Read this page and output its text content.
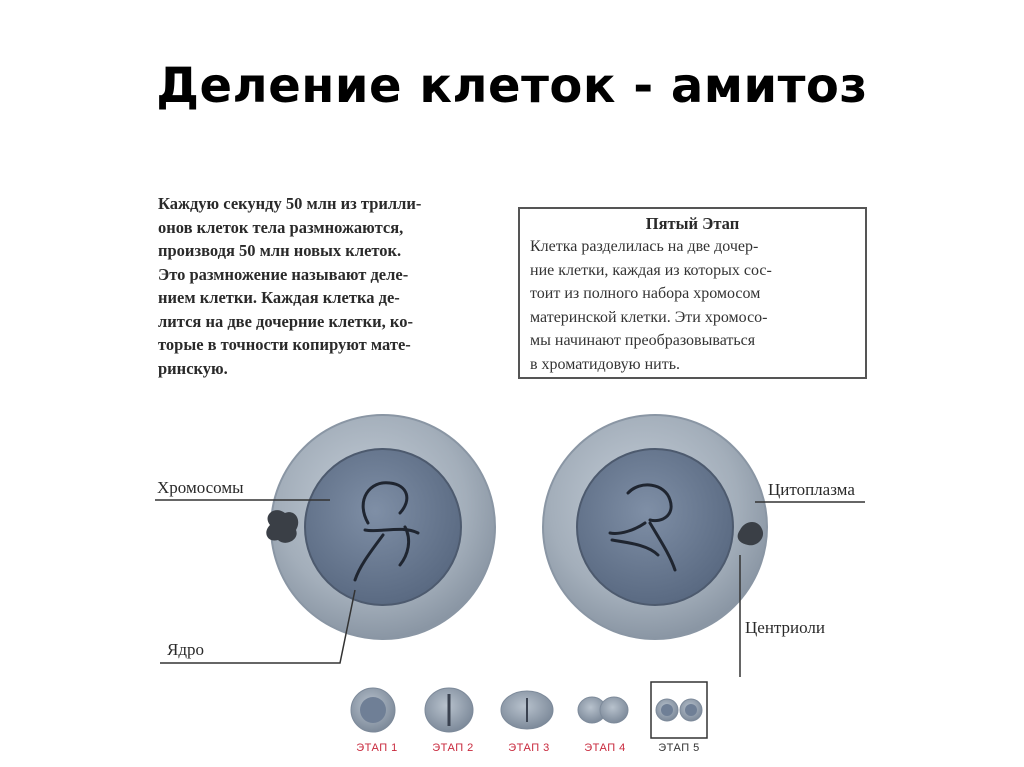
Деление клеток - амитоз
Каждую секунду 50 млн из трилли-
онов клеток тела размножаются,
производя 50 млн новых клеток.
Это размножение называют деле-
нием клетки. Каждая клетка де-
лится на две дочерние клетки, ко-
торые в точности копируют мате-
ринскую.
Пятый Этап
Клетка разделилась на две дочер-
ние клетки, каждая из которых сос-
тоит из полного набора хромосом
материнской клетки. Эти хромосо-
мы начинают преобразовываться
в хроматидовую нить.
Хромосомы
Ядро
Цитоплазма
Центриоли
ЭТАП 1	ЭТАП 2	ЭТАП 3	ЭТАП 4	ЭТАП 5
